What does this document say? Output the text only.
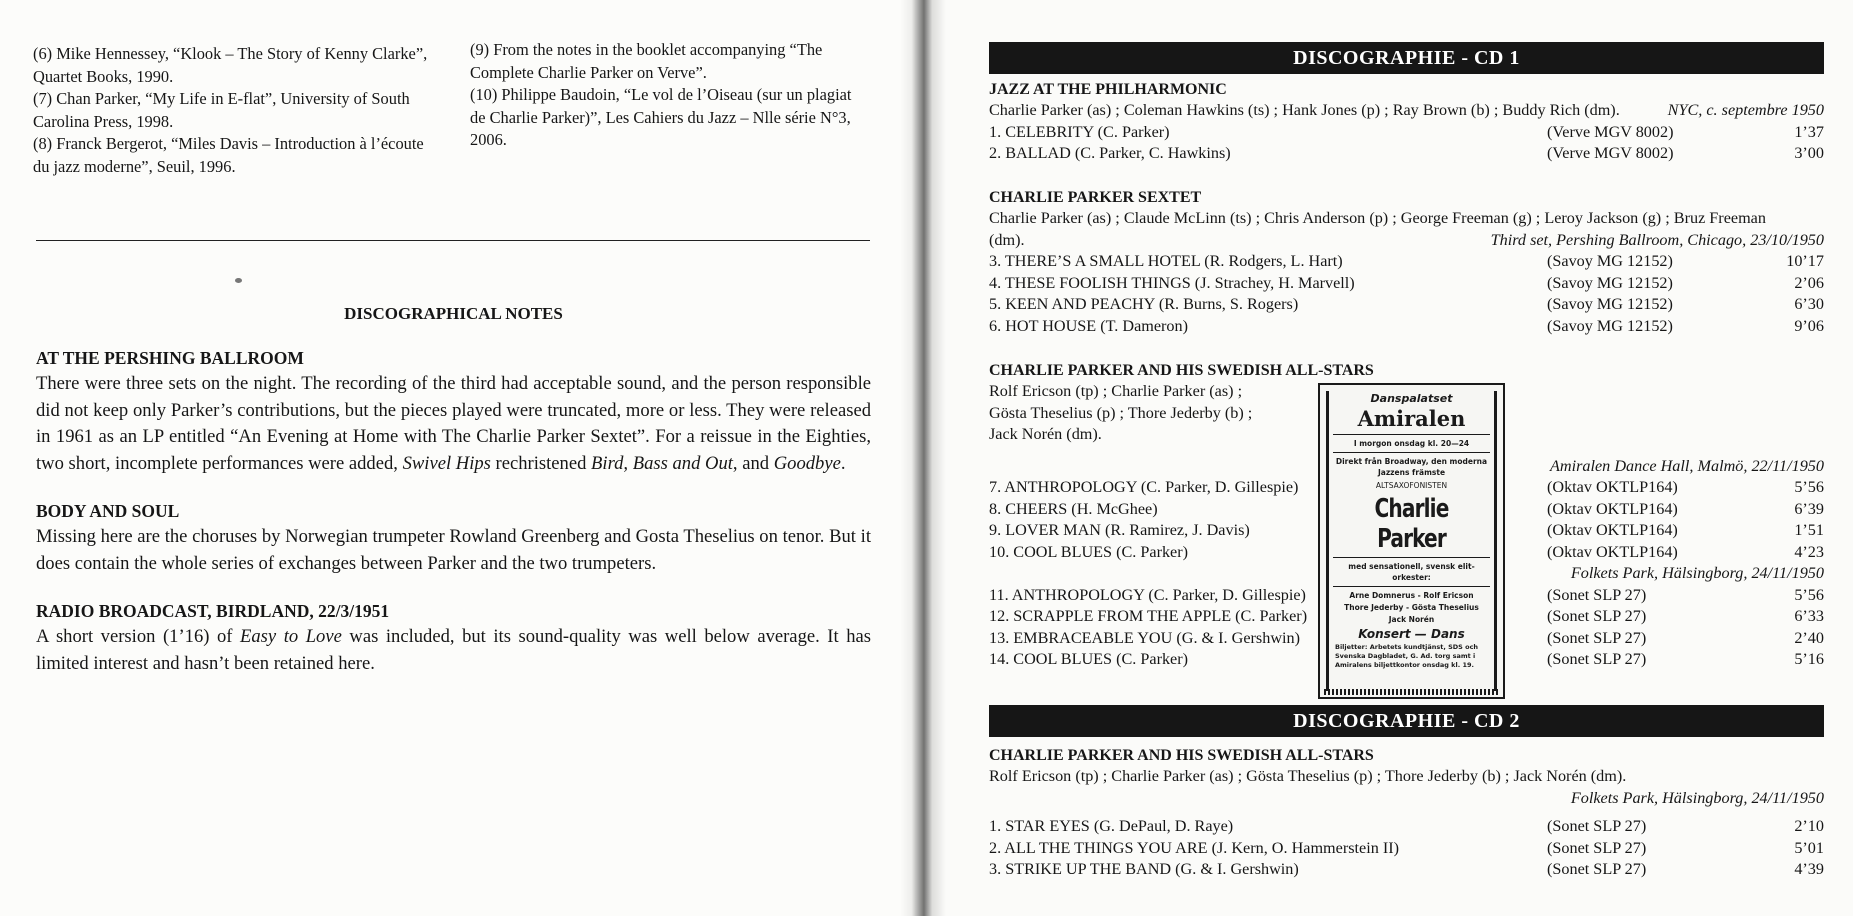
(6) Mike Hennessey, “Klook – The Story of Kenny Clarke”, Quartet Books, 1990.

(7) Chan Parker, “My Life in E-flat”, University of South Carolina Press, 1998.

(8) Franck Bergerot, “Miles Davis – Introduction à l’écoute du jazz moderne”, Seuil, 1996.

(9) From the notes in the booklet accompanying “The Complete Charlie Parker on Verve”.

(10) Philippe Baudoin, “Le vol de l’Oiseau (sur un plagiat de Charlie Parker)”, Les Cahiers du Jazz – Nlle série N°3, 2006.

DISCOGRAPHICAL NOTES
AT THE PERSHING BALLROOM

There were three sets on the night. The recording of the third had acceptable sound, and the person responsible did not keep only Parker’s contributions, but the pieces played were truncated, more or less. They were released in 1961 as an LP entitled “An Evening at Home with The Charlie Parker Sextet”. For a reissue in the Eighties, two short, incomplete performances were added, Swivel Hips rechristened Bird, Bass and Out, and Goodbye.

BODY AND SOUL

Missing here are the choruses by Norwegian trumpeter Rowland Greenberg and Gosta Theselius on tenor. But it does contain the whole series of exchanges between Parker and the two trumpeters.

RADIO BROADCAST, BIRDLAND, 22/3/1951

A short version (1’16) of Easy to Love was included, but its sound-quality was well below average. It has limited interest and hasn’t been retained here.

DISCOGRAPHIE - CD 1
JAZZ AT THE PHILHARMONIC
Charlie Parker (as) ; Coleman Hawkins (ts) ; Hank Jones (p) ; Ray Brown (b) ; Buddy Rich (dm).	NYC, c. septembre 1950
1. CELEBRITY (C. Parker)	(Verve MGV 8002)	1’37
2. BALLAD (C. Parker, C. Hawkins)	(Verve MGV 8002)	3’00
CHARLIE PARKER SEXTET
Charlie Parker (as) ; Claude McLinn (ts) ; Chris Anderson (p) ; George Freeman (g) ; Leroy Jackson (g) ; Bruz Freeman
(dm).	Third set, Pershing Ballroom, Chicago, 23/10/1950
3. THERE’S A SMALL HOTEL (R. Rodgers, L. Hart)	(Savoy MG 12152)	10’17
4. THESE FOOLISH THINGS (J. Strachey, H. Marvell)	(Savoy MG 12152)	2’06
5. KEEN AND PEACHY (R. Burns, S. Rogers)	(Savoy MG 12152)	6’30
6. HOT HOUSE (T. Dameron)	(Savoy MG 12152)	9’06
CHARLIE PARKER AND HIS SWEDISH ALL-STARS
Rolf Ericson (tp) ; Charlie Parker (as) ;
Gösta Theselius (p) ; Thore Jederby (b) ;
Jack Norén (dm).
Amiralen Dance Hall, Malmö, 22/11/1950
7. ANTHROPOLOGY (C. Parker, D. Gillespie)	(Oktav OKTLP164)	5’56
8. CHEERS (H. McGhee)	(Oktav OKTLP164)	6’39
9. LOVER MAN (R. Ramirez, J. Davis)	(Oktav OKTLP164)	1’51
10. COOL BLUES (C. Parker)	(Oktav OKTLP164)	4’23
Folkets Park, Hälsingborg, 24/11/1950
11. ANTHROPOLOGY (C. Parker, D. Gillespie)	(Sonet SLP 27)	5’56
12. SCRAPPLE FROM THE APPLE (C. Parker)	(Sonet SLP 27)	6’33
13. EMBRACEABLE YOU (G. & I. Gershwin)	(Sonet SLP 27)	2’40
14. COOL BLUES (C. Parker)	(Sonet SLP 27)	5’16
Danspalatset
Amiralen
I morgon onsdag kl. 20—24
Direkt från Broadway, den moderna Jazzens främste
ALTSAXOFONISTEN
Charlie Parker
med sensationell, svensk elit-orkester:
Arne Domnerus - Rolf Ericson
Thore Jederby - Gösta Theselius
Jack Norén
Konsert — Dans
Biljetter: Arbetets kundtjänst, SDS och Svenska Dagbladet, G. Ad. torg samt i Amiralens biljettkontor onsdag kl. 19.
DISCOGRAPHIE - CD 2
CHARLIE PARKER AND HIS SWEDISH ALL-STARS
Rolf Ericson (tp) ; Charlie Parker (as) ; Gösta Theselius (p) ; Thore Jederby (b) ; Jack Norén (dm).
Folkets Park, Hälsingborg, 24/11/1950
1. STAR EYES (G. DePaul, D. Raye)	(Sonet SLP 27)	2’10
2. ALL THE THINGS YOU ARE (J. Kern, O. Hammerstein II)	(Sonet SLP 27)	5’01
3. STRIKE UP THE BAND (G. & I. Gershwin)	(Sonet SLP 27)	4’39
